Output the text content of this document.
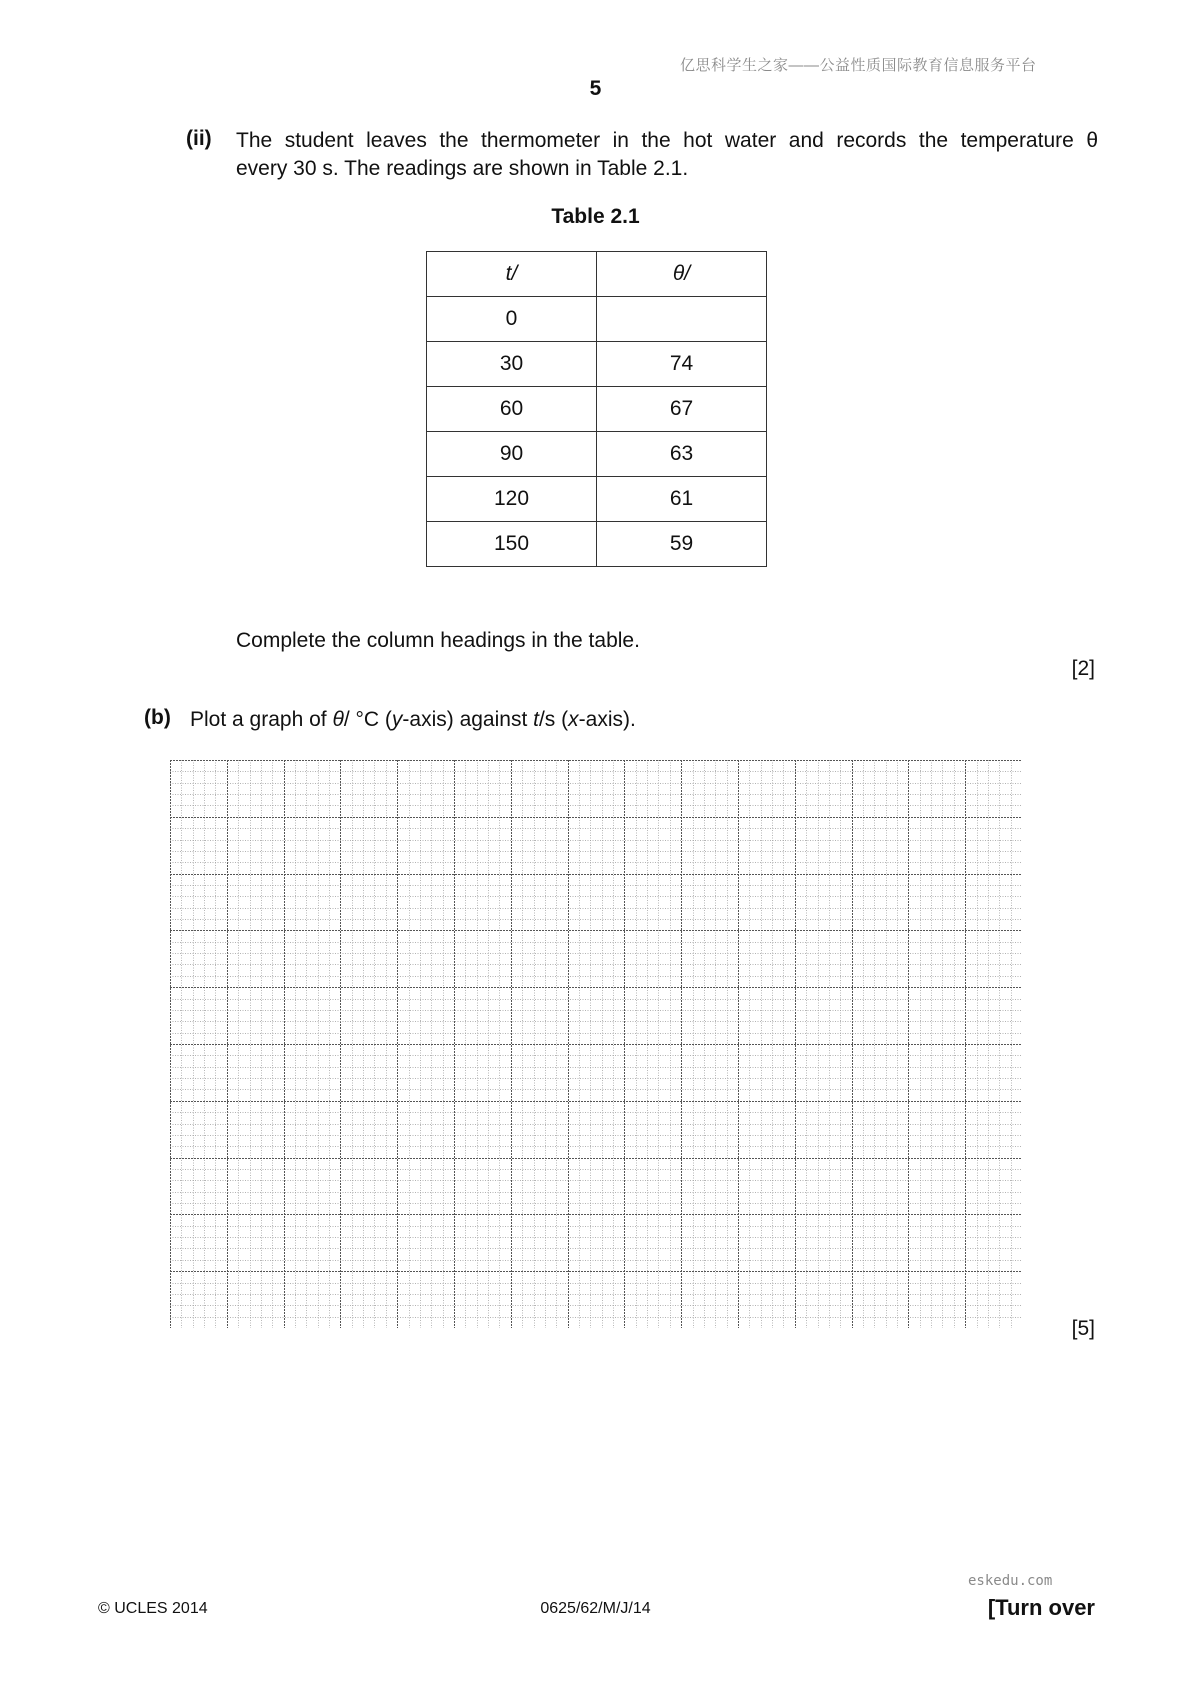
亿思科学生之家——公益性质国际教育信息服务平台
5
(ii) The student leaves the thermometer in the hot water and records the temperature θ
every 30 s. The readings are shown in Table 2.1.
Table 2.1
t/	θ/
0	
30	74
60	67
90	63
120	61
150	59
Complete the column headings in the table.
[2]
(b) Plot a graph of θ/ °C (y-axis) against t/s (x-axis).
[5]
eskedu.com
© UCLES 2014	0625/62/M/J/14	[Turn over
